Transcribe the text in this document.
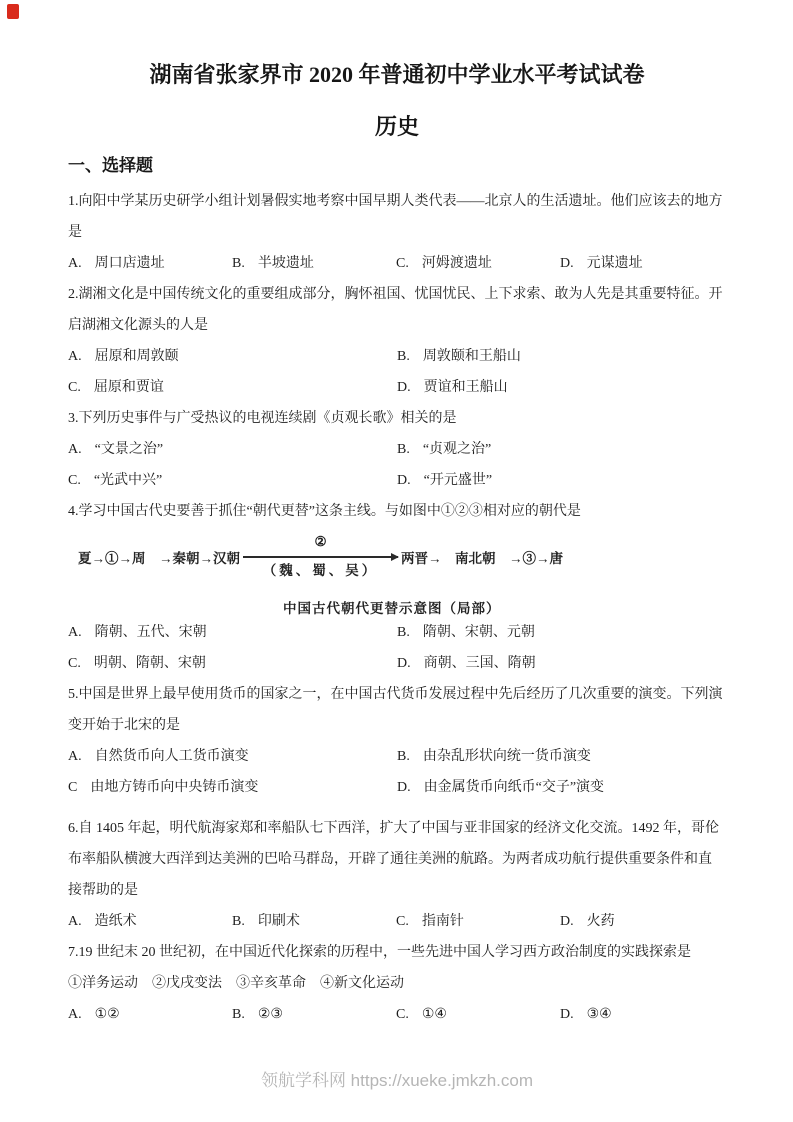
湖南省张家界市 2020 年普通初中学业水平考试试卷
历史
一、选择题
1.向阳中学某历史研学小组计划暑假实地考察中国早期人类代表——北京人的生活遗址。他们应该去的地方
是
A. 周口店遗址	B. 半坡遗址	C. 河姆渡遗址	D. 元谋遗址
2.湖湘文化是中国传统文化的重要组成部分，胸怀祖国、忧国忧民、上下求索、敢为人先是其重要特征。开
启湖湘文化源头的人是
A. 屈原和周敦颐	B. 周敦颐和王船山
C. 屈原和贾谊	D. 贾谊和王船山
3.下列历史事件与广受热议的电视连续剧《贞观长歌》相关的是
A. “文景之治”	B. “贞观之治”
C. “光武中兴”	D. “开元盛世”
4.学习中国古代史要善于抓住“朝代更替”这条主线。与如图中①②③相对应的朝代是
夏→①→周　→秦朝→汉朝
②
（魏、蜀、吴）
两晋→　南北朝　→③→唐
中国古代朝代更替示意图（局部）
A. 隋朝、五代、宋朝	B. 隋朝、宋朝、元朝
C. 明朝、隋朝、宋朝	D. 商朝、三国、隋朝
5.中国是世界上最早使用货币的国家之一，在中国古代货币发展过程中先后经历了几次重要的演变。下列演
变开始于北宋的是
A. 自然货币向人工货币演变	B. 由杂乱形状向统一货币演变
C 由地方铸币向中央铸币演变	D. 由金属货币向纸币“交子”演变
6.自 1405 年起，明代航海家郑和率船队七下西洋，扩大了中国与亚非国家的经济文化交流。1492 年，哥伦
布率船队横渡大西洋到达美洲的巴哈马群岛，开辟了通往美洲的航路。为两者成功航行提供重要条件和直
接帮助的是
A. 造纸术	B. 印刷术	C. 指南针	D. 火药
7.19 世纪末 20 世纪初，在中国近代化探索的历程中，一些先进中国人学习西方政治制度的实践探索是
①洋务运动　②戊戌变法　③辛亥革命　④新文化运动
A. ①②	B. ②③	C. ①④	D. ③④
领航学科网 https://xueke.jmkzh.com
